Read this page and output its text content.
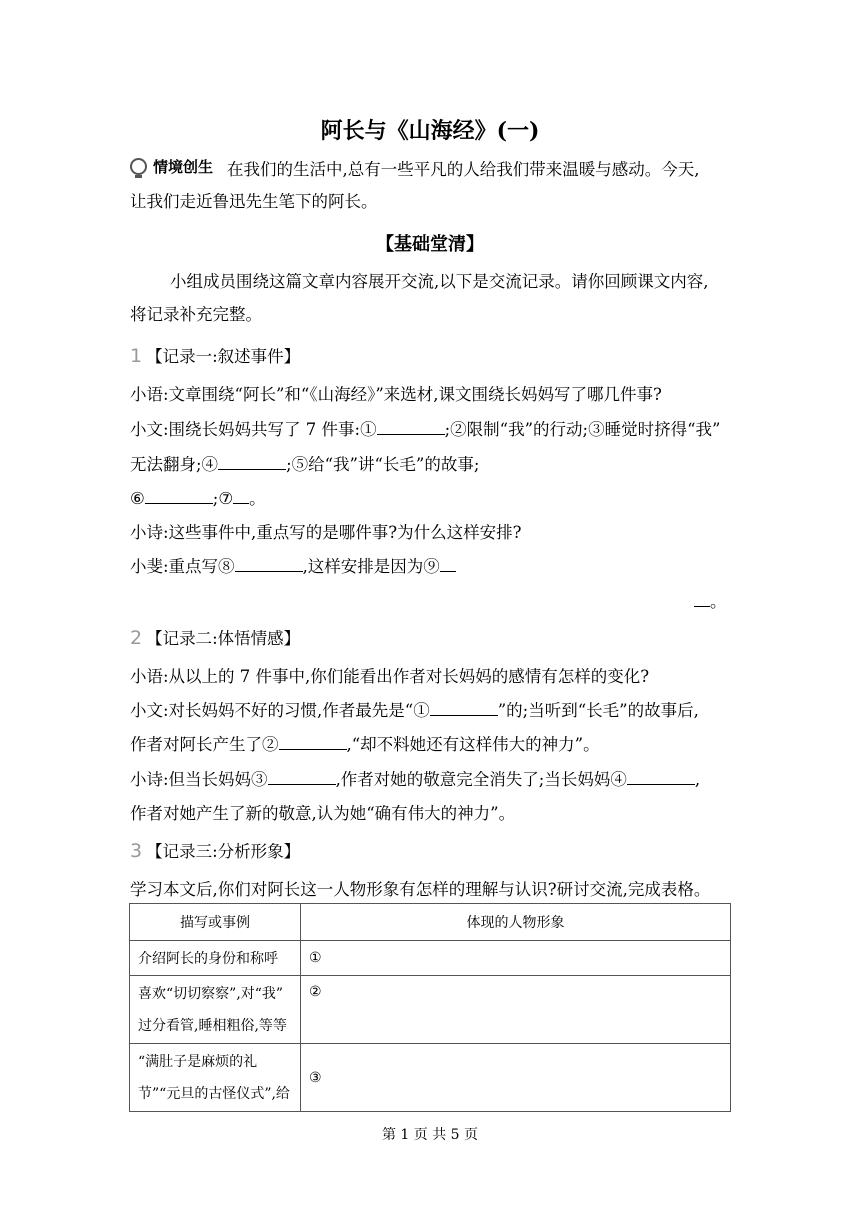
阿长与《山海经》(一)
情境创生 在我们的生活中,总有一些平凡的人给我们带来温暖与感动。今天,
让我们走近鲁迅先生笔下的阿长。
【基础堂清】
小组成员围绕这篇文章内容展开交流,以下是交流记录。请你回顾课文内容,
将记录补充完整。
1 【记录一:叙述事件】
小语:文章围绕“阿长”和“《山海经》”来选材,课文围绕长妈妈写了哪几件事?
小文:围绕长妈妈共写了 7 件事:①	;②限制“我”的行动;③睡觉时挤得“我”
无法翻身;④	;⑤给“我”讲“长毛”的故事;
⑥	;⑦ 。
小诗:这些事件中,重点写的是哪件事?为什么这样安排?
小斐:重点写⑧	,这样安排是因为⑨
。
2 【记录二:体悟情感】
小语:从以上的 7 件事中,你们能看出作者对长妈妈的感情有怎样的变化?
小文:对长妈妈不好的习惯,作者最先是“①	”的;当听到“长毛”的故事后,
作者对阿长产生了②	,“却不料她还有这样伟大的神力”。
小诗:但当长妈妈③	,作者对她的敬意完全消失了;当长妈妈④	,
作者对她产生了新的敬意,认为她“确有伟大的神力”。
3 【记录三:分析形象】
学习本文后,你们对阿长这一人物形象有怎样的理解与认识?研讨交流,完成表格。
描写或事例	体现的人物形象
介绍阿长的身份和称呼	①
喜欢“切切察察”,对“我”
过分看管,睡相粗俗,等等	②
“满肚子是麻烦的礼
节”“元旦的古怪仪式”,给	③
第 1 页 共 5 页
